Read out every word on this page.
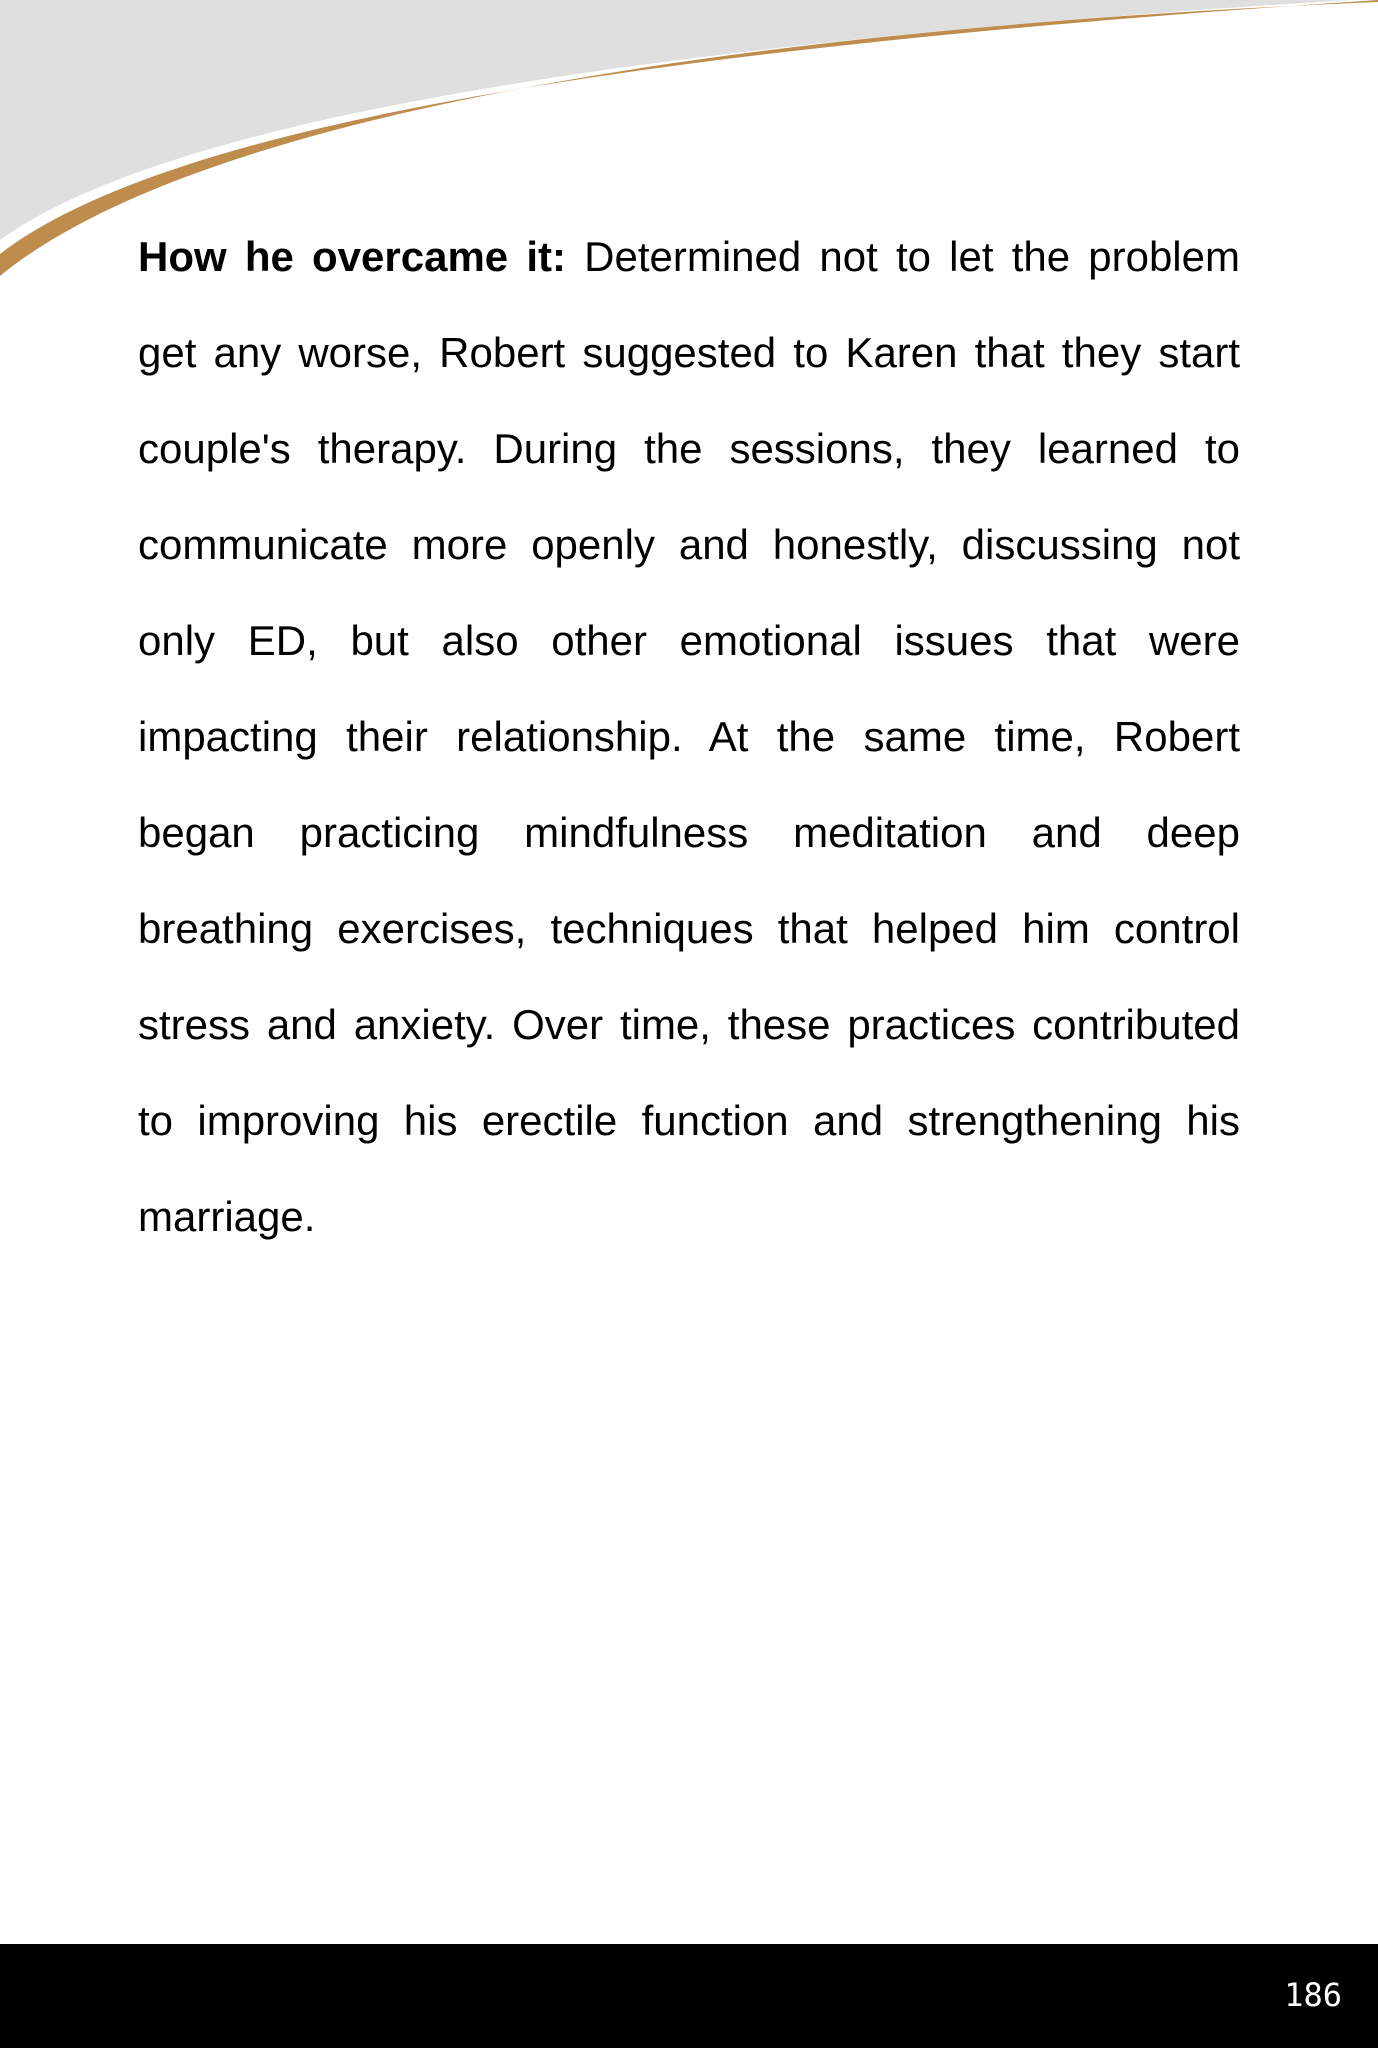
How he overcame it: Determined not to let the problem get any worse, Robert suggested to Karen that they start couple's therapy. During the sessions, they learned to communicate more openly and honestly, discussing not only ED, but also other emotional issues that were impacting their relationship. At the same time, Robert began practicing mindfulness meditation and deep breathing exercises, techniques that helped him control stress and anxiety. Over time, these practices contributed to improving his erectile function and strengthening his marriage.

186
